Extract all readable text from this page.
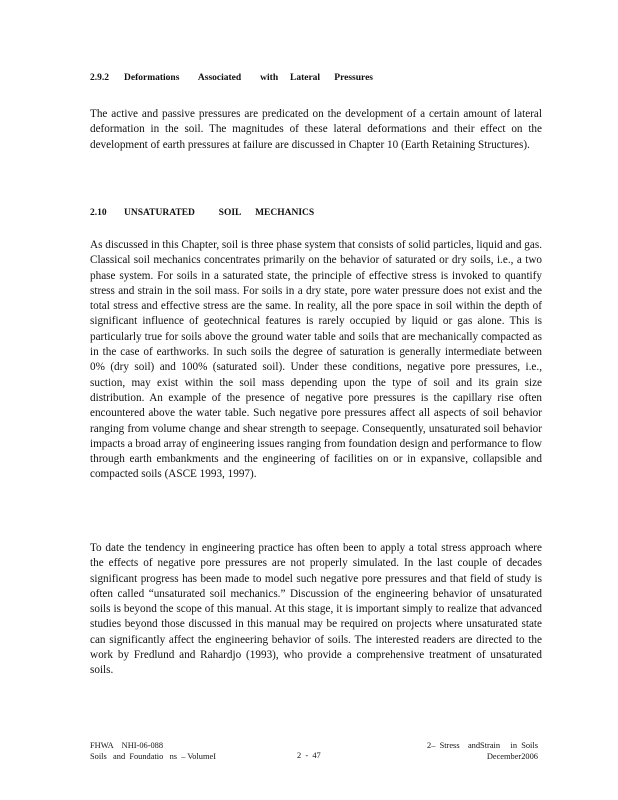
2.9.2 Deformations        Associated        with     Lateral      Pressures

The active and passive pressures are predicated on the development of a certain amount of lateral deformation in the soil. The magnitudes of these lateral deformations and their effect on the development of earth pressures at failure are discussed in Chapter 10 (Earth Retaining Structures).

2.10 UNSATURATED          SOIL      MECHANICS

As discussed in this Chapter, soil is three phase system that consists of solid particles, liquid and gas. Classical soil mechanics concentrates primarily on the behavior of saturated or dry soils, i.e., a two phase system. For soils in a saturated state, the principle of effective stress is invoked to quantify stress and strain in the soil mass. For soils in a dry state, pore water pressure does not exist and the total stress and effective stress are the same. In reality, all the pore space in soil within the depth of significant influence of geotechnical features is rarely occupied by liquid or gas alone. This is particularly true for soils above the ground water table and soils that are mechanically compacted as in the case of earthworks. In such soils the degree of saturation is generally intermediate between 0% (dry soil) and 100% (saturated soil). Under these conditions, negative pore pressures, i.e., suction, may exist within the soil mass depending upon the type of soil and its grain size distribution. An example of the presence of negative pore pressures is the capillary rise often encountered above the water table. Such negative pore pressures affect all aspects of soil behavior ranging from volume change and shear strength to seepage. Consequently, unsaturated soil behavior impacts a broad array of engineering issues ranging from foundation design and performance to flow through earth embankments and the engineering of facilities on or in expansive, collapsible and compacted soils (ASCE 1993, 1997).

To date the tendency in engineering practice has often been to apply a total stress approach where the effects of negative pore pressures are not properly simulated. In the last couple of decades significant progress has been made to model such negative pore pressures and that field of study is often called “unsaturated soil mechanics.” Discussion of the engineering behavior of unsaturated soils is beyond the scope of this manual. At this stage, it is important simply to realize that advanced studies beyond those discussed in this manual may be required on projects where unsaturated state can significantly affect the engineering behavior of soils. The interested readers are directed to the work by Fredlund and Rahardjo (1993), who provide a comprehensive treatment of unsaturated soils.

FHWA    NHI-06-088
Soils   and  Foundatio   ns  – VolumeI	2  -  47
2–  Stress    andStrain     in  Soils
December2006
